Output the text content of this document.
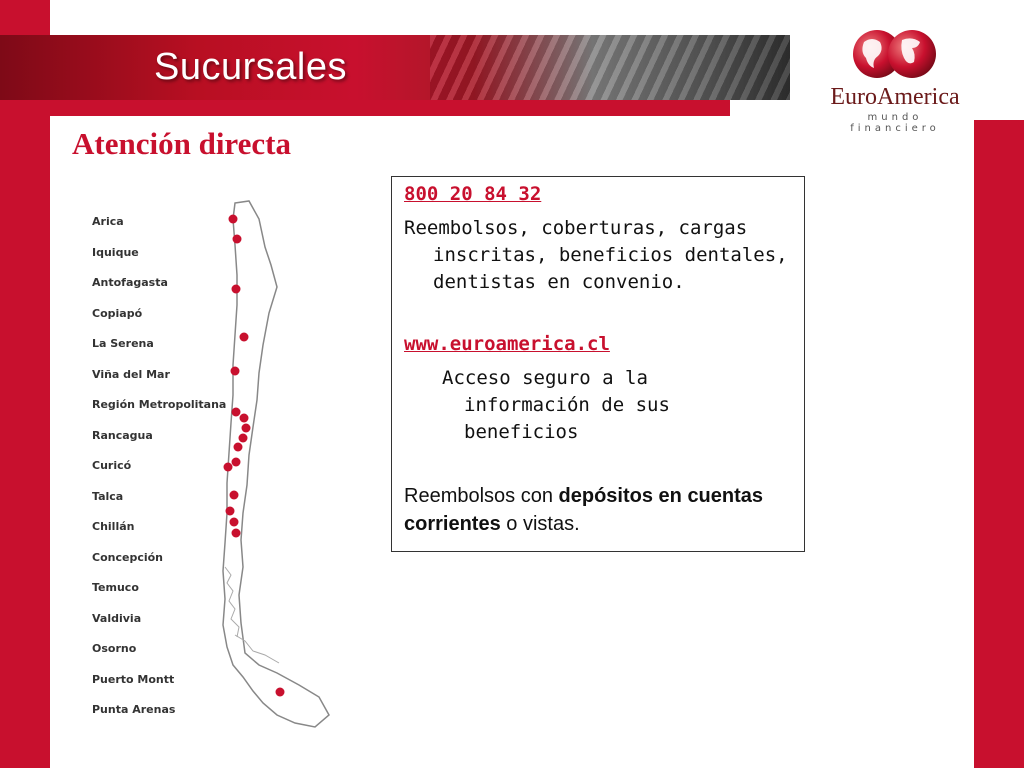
Sucursales
EuroAmerica
mundo financiero
Atención directa
Arica
Iquique
Antofagasta
Copiapó
La Serena
Viña del Mar
Región Metropolitana
Rancagua
Curicó
Talca
Chillán
Concepción
Temuco
Valdivia
Osorno
Puerto Montt
Punta Arenas
800 20 84 32
Reembolsos, coberturas, cargas
inscritas, beneficios dentales, dentistas en convenio.
www.euroamerica.cl
Acceso seguro a la
información de sus beneficios
Reembolsos con depósitos en cuentas corrientes o vistas.
